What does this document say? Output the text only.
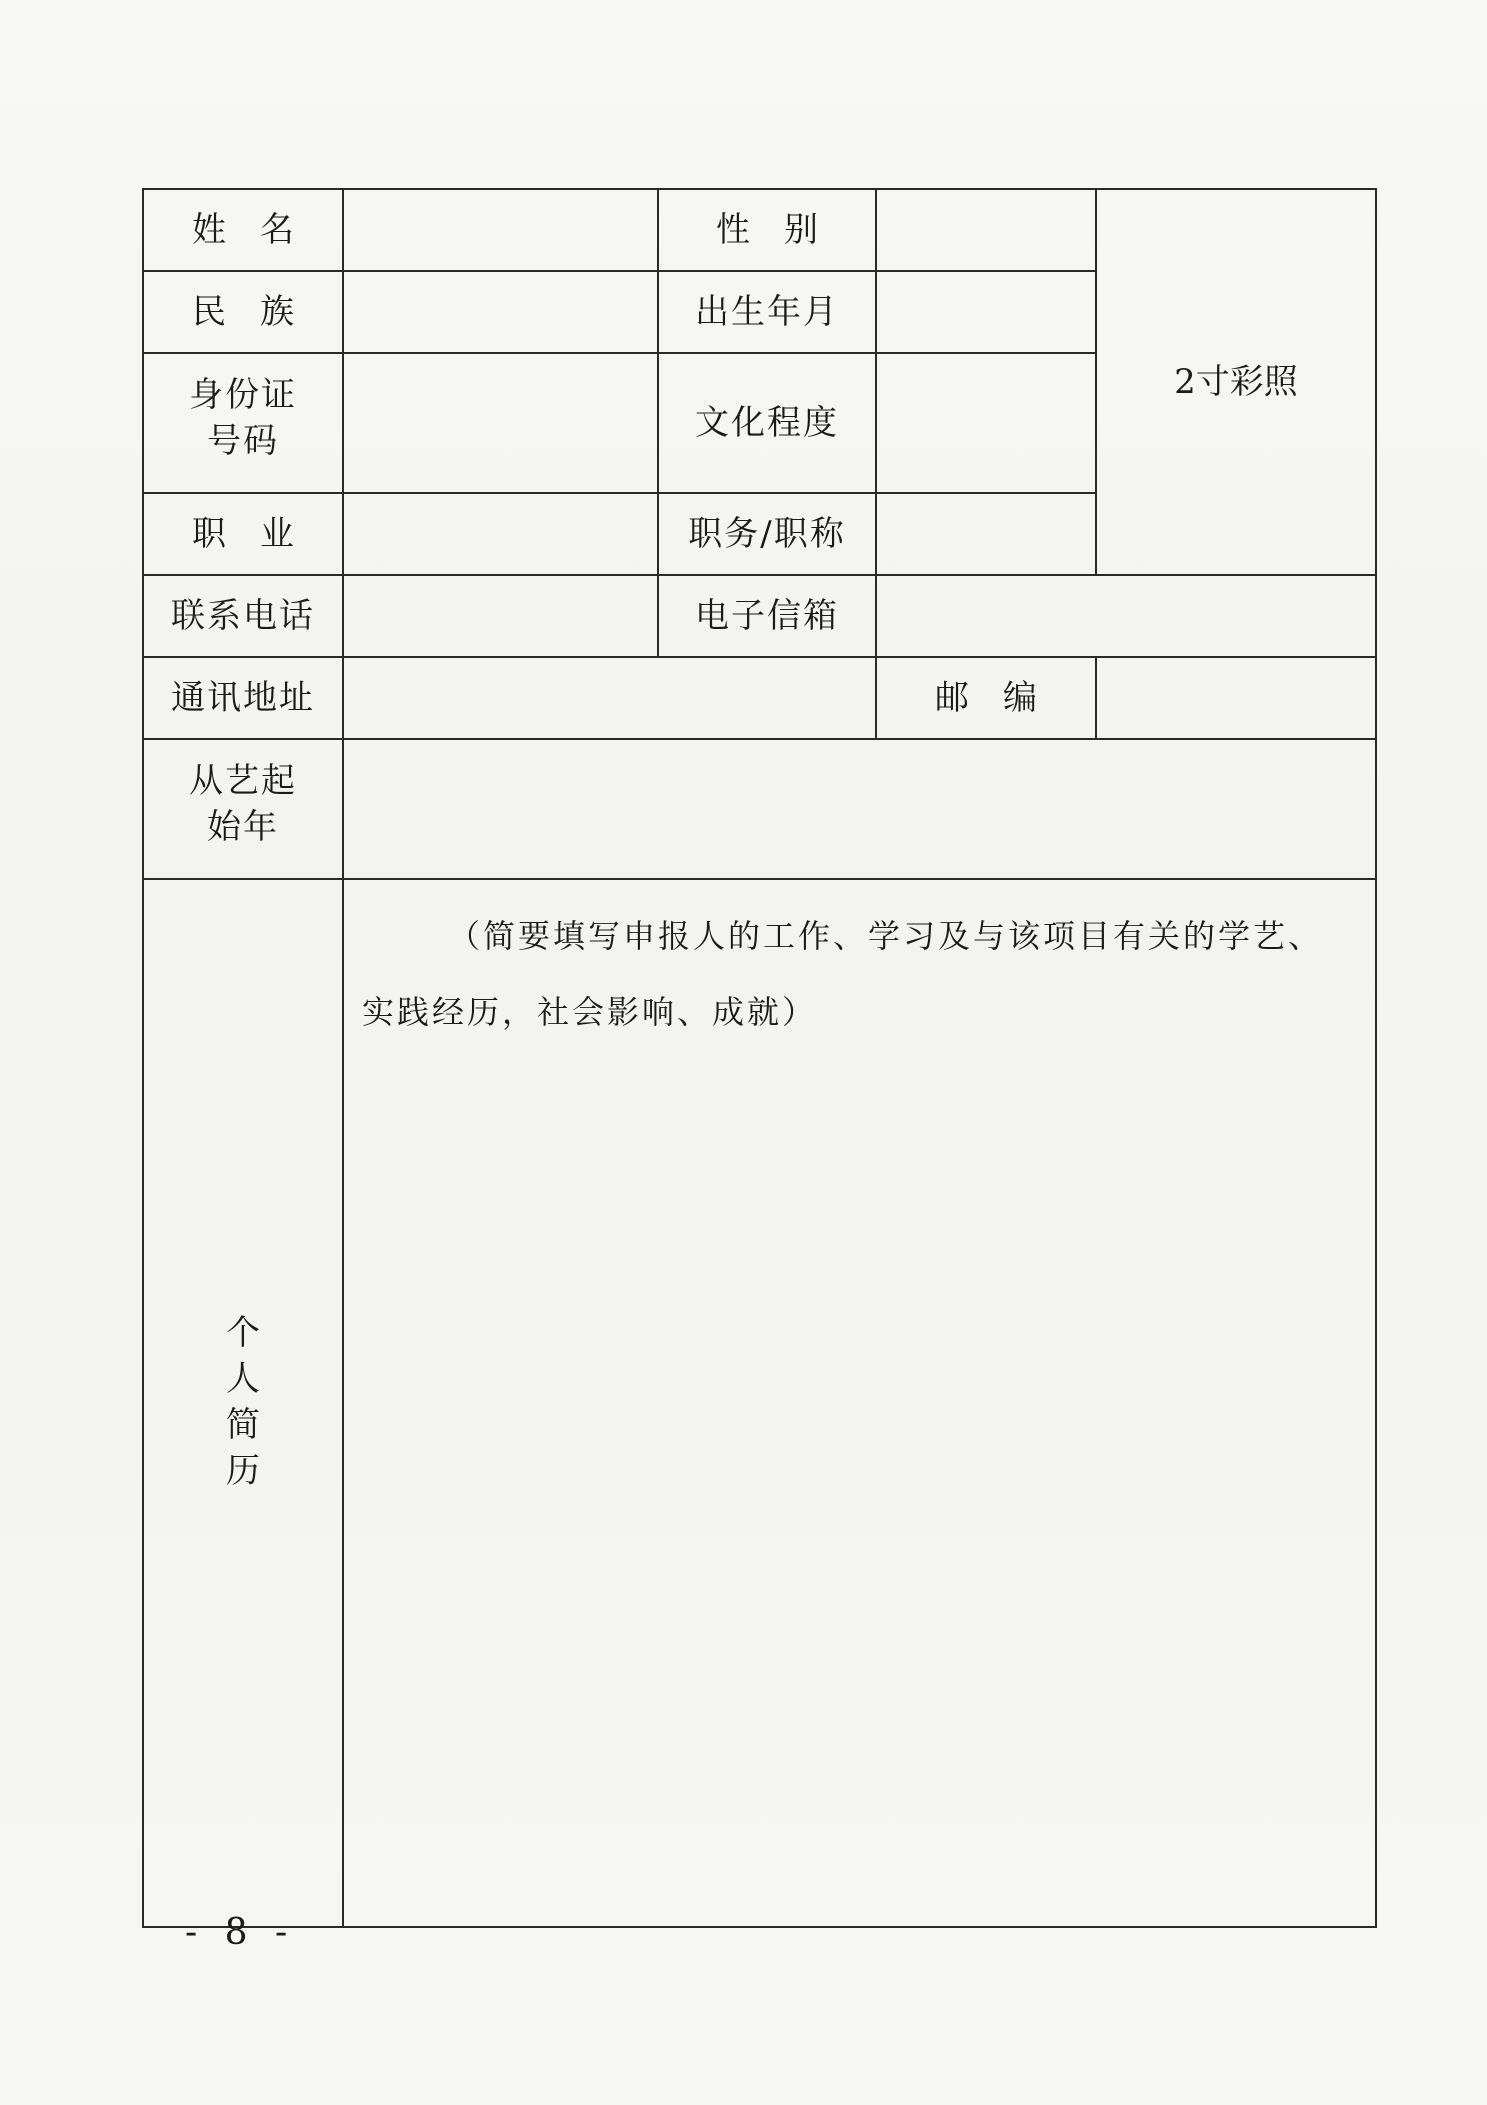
姓名		性别		2寸彩照
民族		出生年月		
身份证号码		文化程度		
职业		职务/职称		
联系电话		电子信箱		
通讯地址			邮编	
从艺起始年				
个人简历	（简要填写申报人的工作、学习及与该项目有关的学艺、实践经历，社会影响、成就）			
- 8 -
